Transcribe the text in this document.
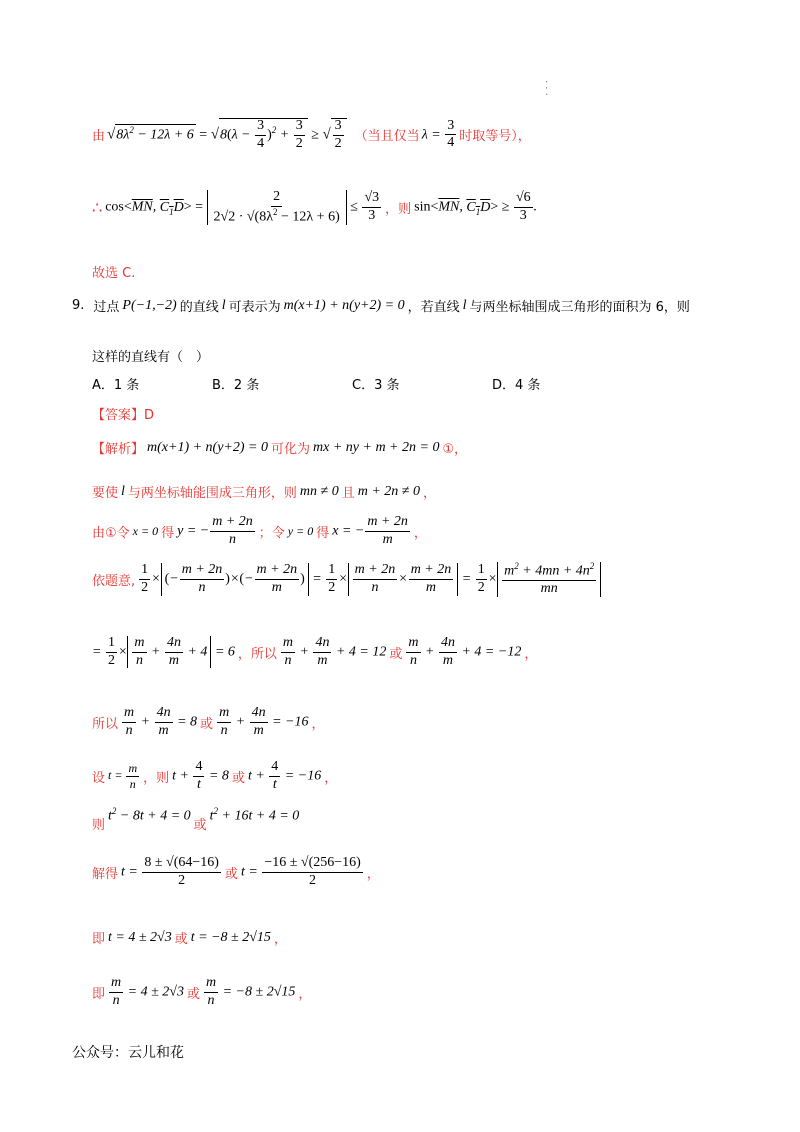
· · ·
由 $√8\lambda^2 - 12\lambda + 6 = √8(\lambda - \frac{3}{4} )^2 + \frac{3}{2}$ ≥ √ $\frac{3}{2}$ （当且仅当 $\lambda = \frac{3}{4}$ 时取等号），
∴ $\cos<\overline{MN}$, $C_1D> = \frac{2}{2√2 \cdot √(8\lambda^2 - 12\lambda + 6)} \le \frac{√3}{3}$ ，则 $\sin<\overline{MN}$, $C_1D> \ge \frac{√6}{3}$ .
故选 C.
9. 过点 P(−1,−2) 的直线 l 可表示为 m(x+1) + n(y+2) = 0 ，若直线 l 与两坐标轴围成三角形的面积为 6，则
这样的直线有（　）
A．1 条	B．2 条	C．3 条	D．4 条
【答案】D
【解析】 m(x+1) + n(y+2) = 0 可化为 mx + ny + m + 2n = 0 ①，
要使 l 与两坐标轴能围成三角形，则 mn ≠ 0 且 m + 2n ≠ 0 ，
由①令 x = 0 得 y = − $\frac{m + 2n}{n}$ ；令 y = 0 得 x = − $\frac{m + 2n}{m}$ ，
依题意, $\frac{1}{2}$ × (− $\frac{m + 2n}{n}$ )×(− $\frac{m + 2n}{m}$ ) = $\frac{1}{2} \times \frac{m + 2n}{n} \times \frac{m + 2n}{m} = \frac{1}{2} \times \frac{m^2 + 4mn + 4n^2}{mn}$
= $\frac{1}{2} \times \frac{m}{n} + \frac{4n}{m} + 4 = 6$ ，所以 $\frac{m}{n} + \frac{4n}{m} + 4 = 12$ 或 $\frac{m}{n} + \frac{4n}{m} + 4 = -12$ ，
所以 $\frac{m}{n} + \frac{4n}{m} = 8$ 或 $\frac{m}{n} + \frac{4n}{m} = -16$ ，
设 $t = \frac{m}{n}$ ，则 $t + \frac{4}{t} = 8$ 或 $t + \frac{4}{t} = -16$ ，
则
$t^2 - 8t + 4 = 0$
或
$t^2 + 16t + 4 = 0$
解得 $t = \frac{8 \pm √(64-16)}{2}$ 或 $t = \frac{-16 \pm √(256-16)}{2}$ ，
即 t = 4 ± 2√3 或 t = −8 ± 2√15 ，
即 $\frac{m}{n} = 4 \pm 2√3$ 或 $\frac{m}{n} = -8 \pm 2√15$ ，
公众号：云儿和花
